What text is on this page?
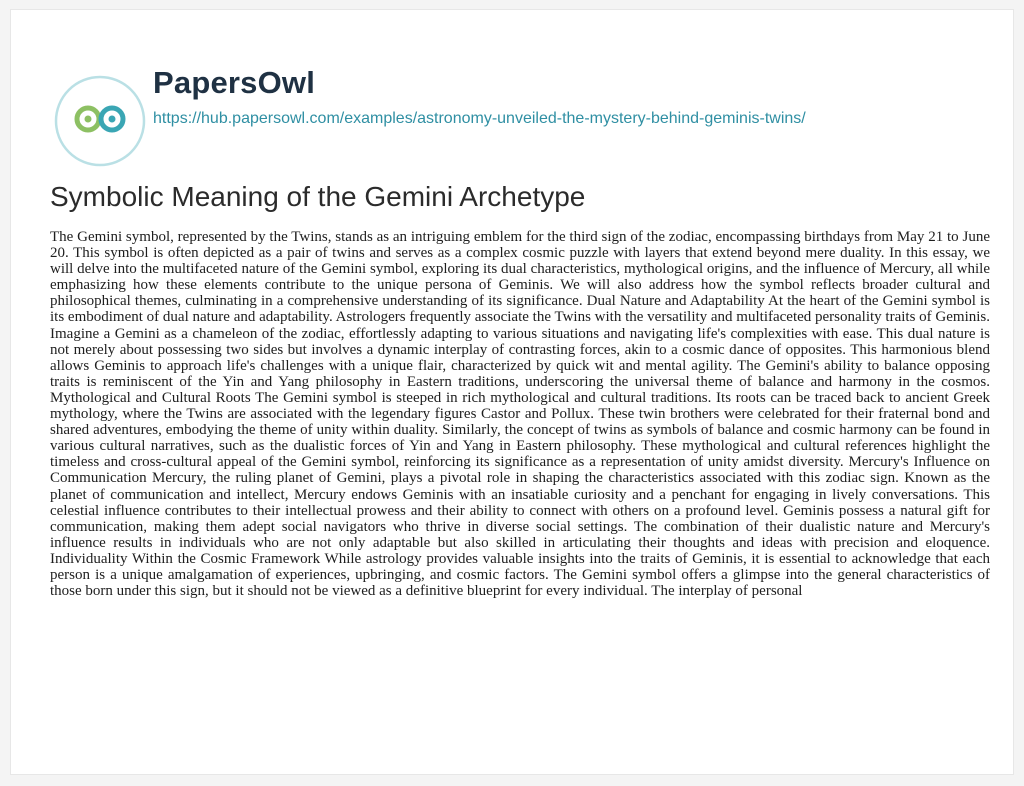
PapersOwl
https://hub.papersowl.com/examples/astronomy-unveiled-the-mystery-behind-geminis-twins/
Symbolic Meaning of the Gemini Archetype

The Gemini symbol, represented by the Twins, stands as an intriguing emblem for the third sign of the zodiac, encompassing birthdays from May 21 to June 20. This symbol is often depicted as a pair of twins and serves as a complex cosmic puzzle with layers that extend beyond mere duality. In this essay, we will delve into the multifaceted nature of the Gemini symbol, exploring its dual characteristics, mythological origins, and the influence of Mercury, all while emphasizing how these elements contribute to the unique persona of Geminis. We will also address how the symbol reflects broader cultural and philosophical themes, culminating in a comprehensive understanding of its significance. Dual Nature and Adaptability At the heart of the Gemini symbol is its embodiment of dual nature and adaptability. Astrologers frequently associate the Twins with the versatility and multifaceted personality traits of Geminis. Imagine a Gemini as a chameleon of the zodiac, effortlessly adapting to various situations and navigating life's complexities with ease. This dual nature is not merely about possessing two sides but involves a dynamic interplay of contrasting forces, akin to a cosmic dance of opposites. This harmonious blend allows Geminis to approach life's challenges with a unique flair, characterized by quick wit and mental agility. The Gemini's ability to balance opposing traits is reminiscent of the Yin and Yang philosophy in Eastern traditions, underscoring the universal theme of balance and harmony in the cosmos. Mythological and Cultural Roots The Gemini symbol is steeped in rich mythological and cultural traditions. Its roots can be traced back to ancient Greek mythology, where the Twins are associated with the legendary figures Castor and Pollux. These twin brothers were celebrated for their fraternal bond and shared adventures, embodying the theme of unity within duality. Similarly, the concept of twins as symbols of balance and cosmic harmony can be found in various cultural narratives, such as the dualistic forces of Yin and Yang in Eastern philosophy. These mythological and cultural references highlight the timeless and cross-cultural appeal of the Gemini symbol, reinforcing its significance as a representation of unity amidst diversity. Mercury's Influence on Communication Mercury, the ruling planet of Gemini, plays a pivotal role in shaping the characteristics associated with this zodiac sign. Known as the planet of communication and intellect, Mercury endows Geminis with an insatiable curiosity and a penchant for engaging in lively conversations. This celestial influence contributes to their intellectual prowess and their ability to connect with others on a profound level. Geminis possess a natural gift for communication, making them adept social navigators who thrive in diverse social settings. The combination of their dualistic nature and Mercury's influence results in individuals who are not only adaptable but also skilled in articulating their thoughts and ideas with precision and eloquence. Individuality Within the Cosmic Framework While astrology provides valuable insights into the traits of Geminis, it is essential to acknowledge that each person is a unique amalgamation of experiences, upbringing, and cosmic factors. The Gemini symbol offers a glimpse into the general characteristics of those born under this sign, but it should not be viewed as a definitive blueprint for every individual. The interplay of personal
